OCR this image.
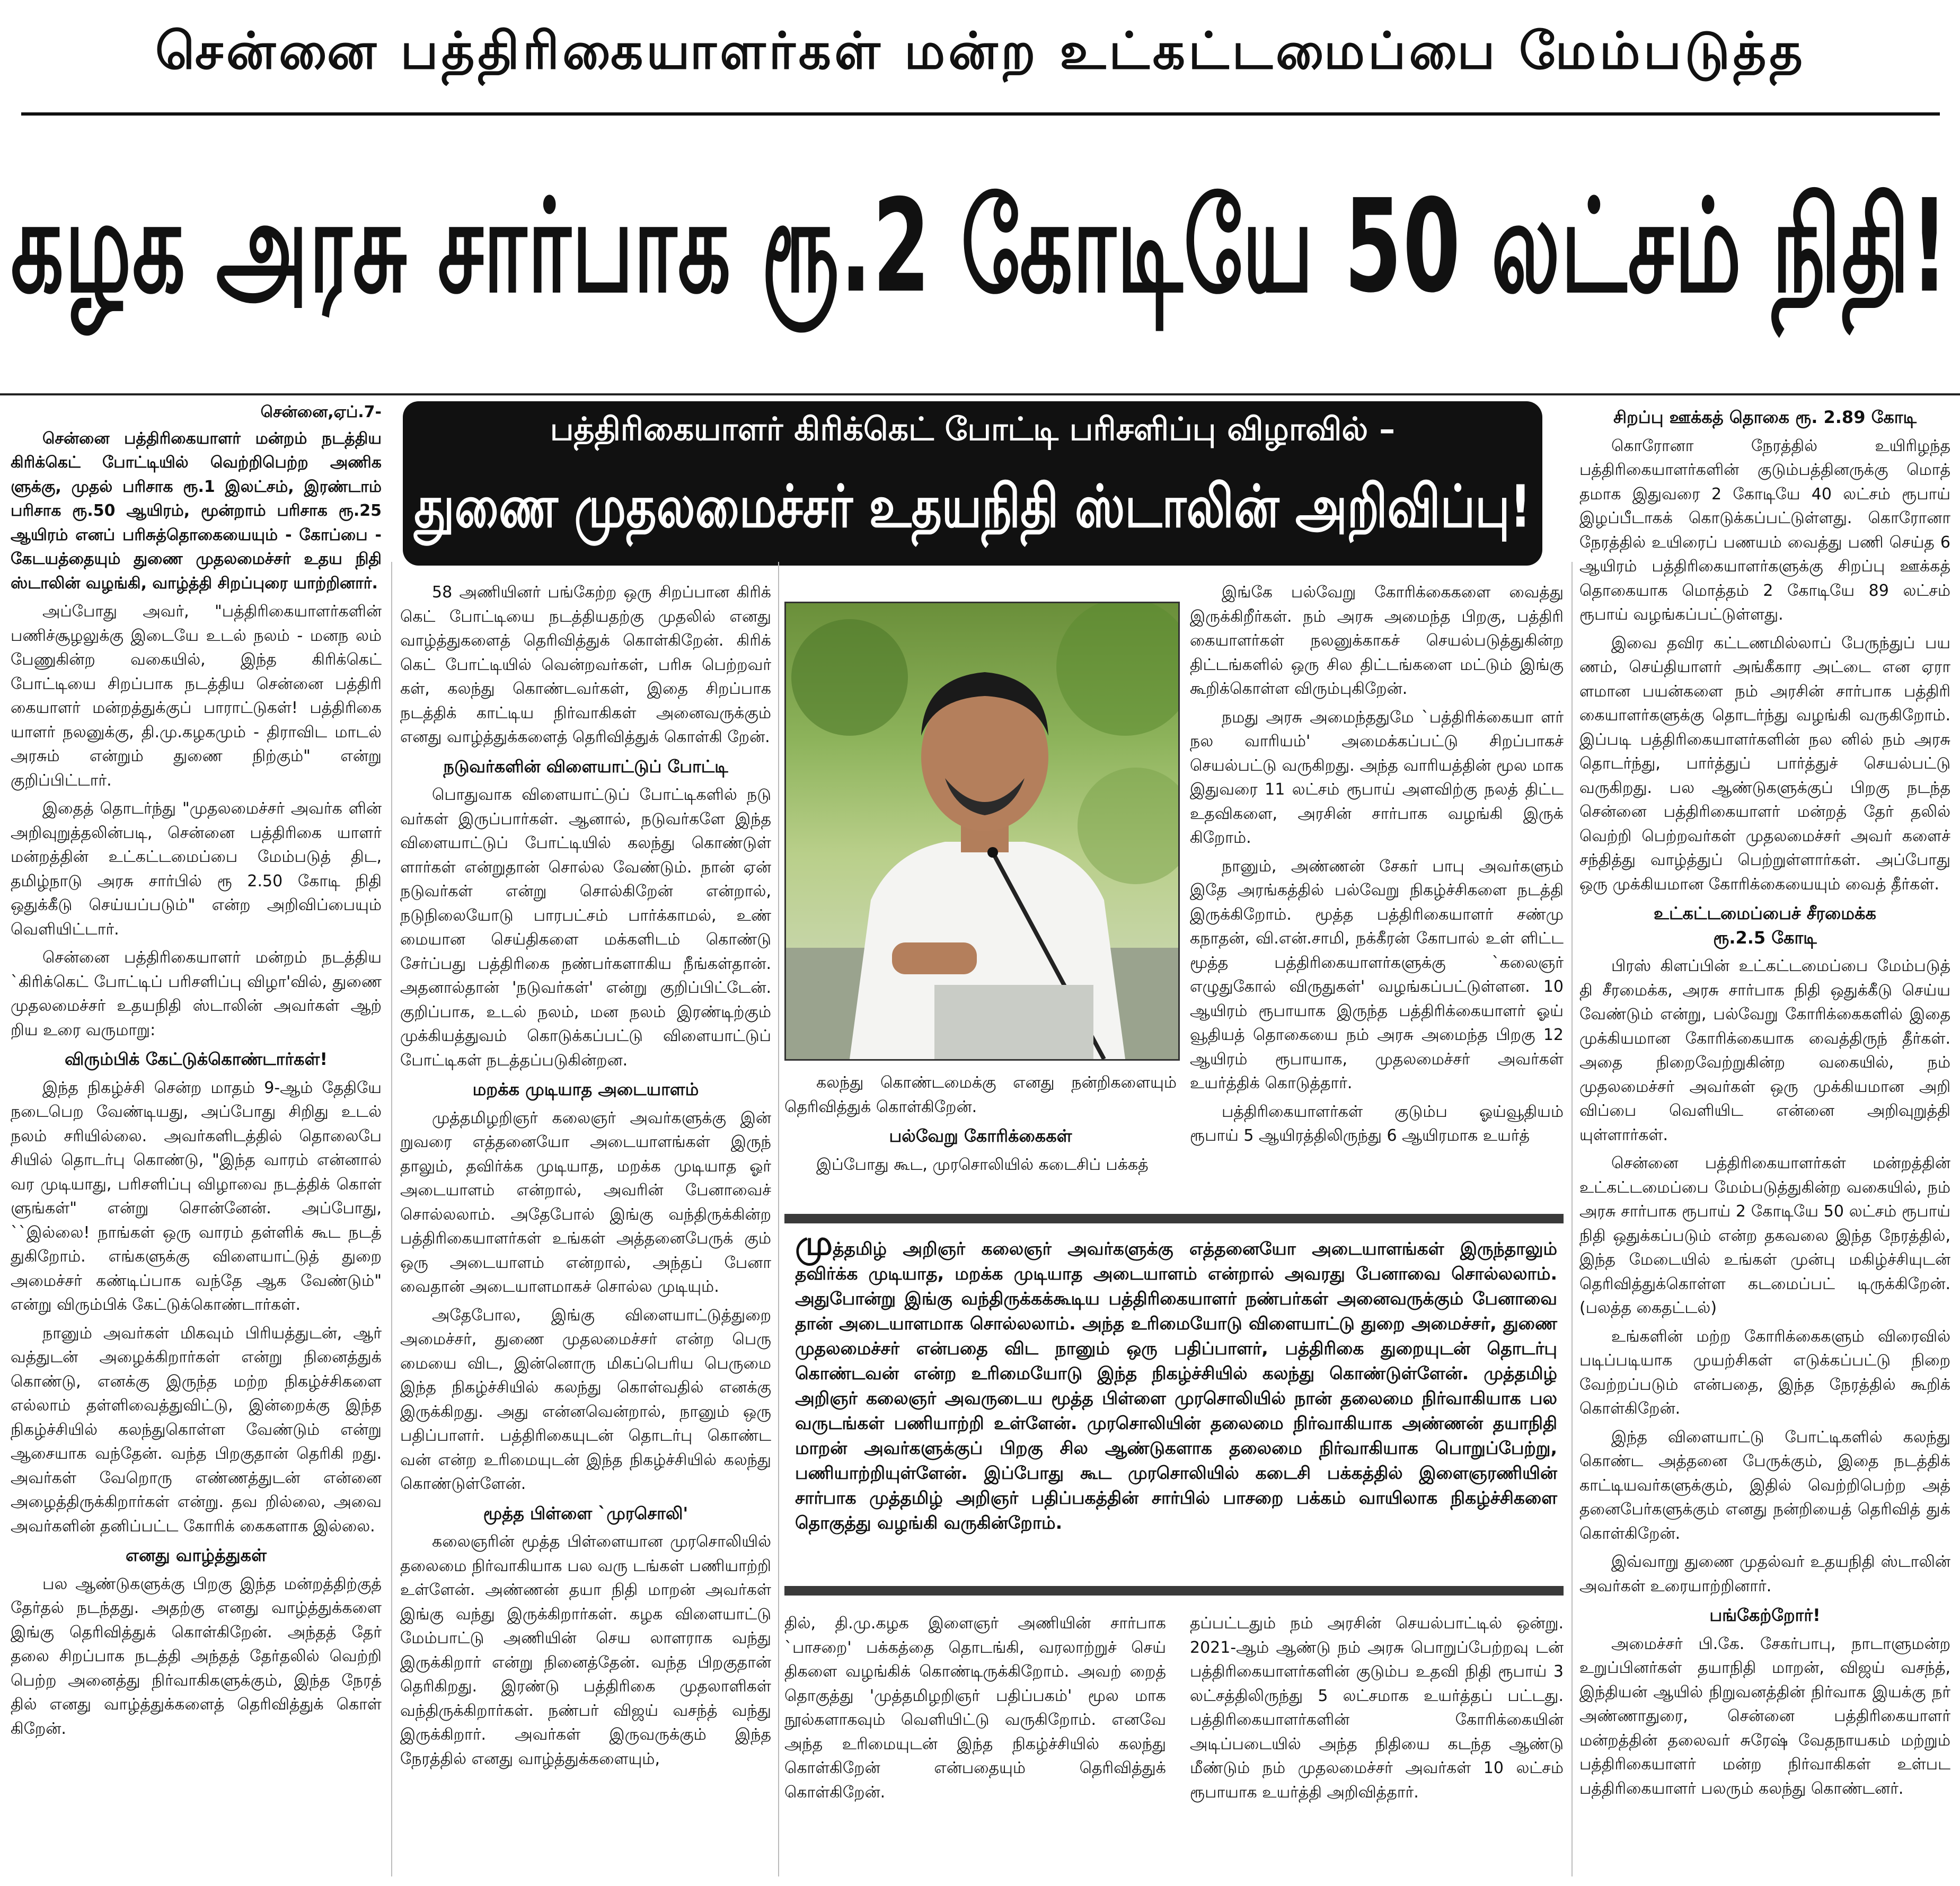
சென்னை பத்திரிகையாளர்கள் மன்ற உட்கட்டமைப்பை மேம்படுத்த
கழக அரசு சார்பாக ரூ.2 கோடியே 50 லட்சம் நிதி!
சென்னை,ஏப்.7-

சென்னை பத்திரிகையாளர் மன்றம் நடத்திய கிரிக்கெட் போட்டியில் வெற்றிபெற்ற அணிக ளுக்கு, முதல் பரிசாக ரூ.1 இலட்சம், இரண்டாம் பரிசாக ரூ.50 ஆயிரம், மூன்றாம் பரிசாக ரூ.25 ஆயிரம் எனப் பரிசுத்தொகையையும் - கோப்பை - கேடயத்தையும் துணை முதலமைச்சர் உதய நிதி ஸ்டாலின் வழங்கி, வாழ்த்தி சிறப்புரை யாற்றினார்.

அப்போது அவர், "பத்திரிகையாளர்களின் பணிச்சூழலுக்கு இடையே உடல் நலம் - மனந லம் பேணுகின்ற வகையில், இந்த கிரிக்கெட் போட்டியை சிறப்பாக நடத்திய சென்னை பத்திரி கையாளர் மன்றத்துக்குப் பாராட்டுகள்! பத்திரிகை யாளர் நலனுக்கு, தி.மு.கழகமும் - திராவிட மாடல் அரசும் என்றும் துணை நிற்கும்" என்று குறிப்பிட்டார்.

இதைத் தொடர்ந்து "முதலமைச்சர் அவர்க ளின் அறிவுறுத்தலின்படி, சென்னை பத்திரிகை யாளர் மன்றத்தின் உட்கட்டமைப்பை மேம்படுத் திட, தமிழ்நாடு அரசு சார்பில் ரூ 2.50 கோடி நிதி ஒதுக்கீடு செய்யப்படும்" என்ற அறிவிப்பையும் வெளியிட்டார்.

சென்னை பத்திரிகையாளர் மன்றம் நடத்திய `கிரிக்கெட் போட்டிப் பரிசளிப்பு விழா'வில், துணை முதலமைச்சர் உதயநிதி ஸ்டாலின் அவர்கள் ஆற் றிய உரை வருமாறு:

விரும்பிக் கேட்டுக்கொண்டார்கள்!

இந்த நிகழ்ச்சி சென்ற மாதம் 9-ஆம் தேதியே நடைபெற வேண்டியது, அப்போது சிறிது உடல் நலம் சரியில்லை. அவர்களிடத்தில் தொலைபே சியில் தொடர்பு கொண்டு, "இந்த வாரம் என்னால் வர முடியாது, பரிசளிப்பு விழாவை நடத்திக் கொள் ளுங்கள்" என்று சொன்னேன். அப்போது, ``இல்லை! நாங்கள் ஒரு வாரம் தள்ளிக் கூட நடத் துகிறோம். எங்களுக்கு விளையாட்டுத் துறை அமைச்சர் கண்டிப்பாக வந்தே ஆக வேண்டும்" என்று விரும்பிக் கேட்டுக்கொண்டார்கள்.

நானும் அவர்கள் மிகவும் பிரியத்துடன், ஆர் வத்துடன் அழைக்கிறார்கள் என்று நினைத்துக் கொண்டு, எனக்கு இருந்த மற்ற நிகழ்ச்சிகளை எல்லாம் தள்ளிவைத்துவிட்டு, இன்றைக்கு இந்த நிகழ்ச்சியில் கலந்துகொள்ள வேண்டும் என்று ஆசையாக வந்தேன். வந்த பிறகுதான் தெரிகி றது. அவர்கள் வேறொரு எண்ணத்துடன் என்னை அழைத்திருக்கிறார்கள் என்று. தவ றில்லை, அவை அவர்களின் தனிப்பட்ட கோரிக் கைகளாக இல்லை.

எனது வாழ்த்துகள்

பல ஆண்டுகளுக்கு பிறகு இந்த மன்றத்திற்குத் தேர்தல் நடந்தது. அதற்கு எனது வாழ்த்துக்களை இங்கு தெரிவித்துக் கொள்கிறேன். அந்தத் தேர் தலை சிறப்பாக நடத்தி அந்தத் தேர்தலில் வெற்றி பெற்ற அனைத்து நிர்வாகிகளுக்கும், இந்த நேரத் தில் எனது வாழ்த்துக்களைத் தெரிவித்துக் கொள் கிறேன்.

பத்திரிகையாளர் கிரிக்கெட் போட்டி பரிசளிப்பு விழாவில் –
துணை முதலமைச்சர் உதயநிதி ஸ்டாலின் அறிவிப்பு!

58 அணியினர் பங்கேற்ற ஒரு சிறப்பான கிரிக் கெட் போட்டியை நடத்தியதற்கு முதலில் எனது வாழ்த்துகளைத் தெரிவித்துக் கொள்கிறேன். கிரிக் கெட் போட்டியில் வென்றவர்கள், பரிசு பெற்றவர் கள், கலந்து கொண்டவர்கள், இதை சிறப்பாக நடத்திக் காட்டிய நிர்வாகிகள் அனைவருக்கும் எனது வாழ்த்துக்களைத் தெரிவித்துக் கொள்கி றேன்.

நடுவர்களின் விளையாட்டுப் போட்டி

பொதுவாக விளையாட்டுப் போட்டிகளில் நடு வர்கள் இருப்பார்கள். ஆனால், நடுவர்களே இந்த விளையாட்டுப் போட்டியில் கலந்து கொண்டுள் ளார்கள் என்றுதான் சொல்ல வேண்டும். நான் ஏன் நடுவர்கள் என்று சொல்கிறேன் என்றால், நடுநிலையோடு பாரபட்சம் பார்க்காமல், உண் மையான செய்திகளை மக்களிடம் கொண்டு சேர்ப்பது பத்திரிகை நண்பர்களாகிய நீங்கள்தான். அதனால்தான் 'நடுவர்கள்' என்று குறிப்பிட்டேன். குறிப்பாக, உடல் நலம், மன நலம் இரண்டிற்கும் முக்கியத்துவம் கொடுக்கப்பட்டு விளையாட்டுப் போட்டிகள் நடத்தப்படுகின்றன.

மறக்க முடியாத அடையாளம்

முத்தமிழறிஞர் கலைஞர் அவர்களுக்கு இன் றுவரை எத்தனையோ அடையாளங்கள் இருந் தாலும், தவிர்க்க முடியாத, மறக்க முடியாத ஓர் அடையாளம் என்றால், அவரின் பேனாவைச் சொல்லலாம். அதேபோல் இங்கு வந்திருக்கின்ற பத்திரிகையாளர்கள் உங்கள் அத்தனைபேருக் கும் ஒரு அடையாளம் என்றால், அந்தப் பேனா வைதான் அடையாளமாகச் சொல்ல முடியும்.

அதேபோல, இங்கு விளையாட்டுத்துறை அமைச்சர், துணை முதலமைச்சர் என்ற பெரு மையை விட, இன்னொரு மிகப்பெரிய பெருமை இந்த நிகழ்ச்சியில் கலந்து கொள்வதில் எனக்கு இருக்கிறது. அது என்னவென்றால், நானும் ஒரு பதிப்பாளர். பத்திரிகையுடன் தொடர்பு கொண்ட வன் என்ற உரிமையுடன் இந்த நிகழ்ச்சியில் கலந்து கொண்டுள்ளேன்.

மூத்த பிள்ளை `முரசொலி'

கலைஞரின் மூத்த பிள்ளையான முரசொலியில் தலைமை நிர்வாகியாக பல வரு டங்கள் பணியாற்றி உள்ளேன். அண்ணன் தயா நிதி மாறன் அவர்கள் இங்கு வந்து இருக்கிறார்கள். கழக விளையாட்டு மேம்பாட்டு அணியின் செய லாளராக வந்து இருக்கிறார் என்று நினைத்தேன். வந்த பிறகுதான் தெரிகிறது. இரண்டு பத்திரிகை முதலாளிகள் வந்திருக்கிறார்கள். நண்பர் விஜய் வசந்த் வந்து இருக்கிறார். அவர்கள் இருவருக்கும் இந்த நேரத்தில் எனது வாழ்த்துக்களையும்,

கலந்து கொண்டமைக்கு எனது நன்றிகளையும் தெரிவித்துக் கொள்கிறேன்.

பல்வேறு கோரிக்கைகள்

இப்போது கூட, முரசொலியில் கடைசிப் பக்கத்

இங்கே பல்வேறு கோரிக்கைகளை வைத்து இருக்கிறீர்கள். நம் அரசு அமைந்த பிறகு, பத்திரி கையாளர்கள் நலனுக்காகச் செயல்படுத்துகின்ற திட்டங்களில் ஒரு சில திட்டங்களை மட்டும் இங்கு கூறிக்கொள்ள விரும்புகிறேன்.

நமது அரசு அமைந்ததுமே `பத்திரிக்கையா ளர் நல வாரியம்' அமைக்கப்பட்டு சிறப்பாகச் செயல்பட்டு வருகிறது. அந்த வாரியத்தின் மூல மாக இதுவரை 11 லட்சம் ரூபாய் அளவிற்கு நலத் திட்ட உதவிகளை, அரசின் சார்பாக வழங்கி இருக் கிறோம்.

நானும், அண்ணன் சேகர் பாபு அவர்களும் இதே அரங்கத்தில் பல்வேறு நிகழ்ச்சிகளை நடத்தி இருக்கிறோம். மூத்த பத்திரிகையாளர் சண்மு கநாதன், வி.என்.சாமி, நக்கீரன் கோபால் உள் ளிட்ட மூத்த பத்திரிகையாளர்களுக்கு `கலைஞர் எழுதுகோல் விருதுகள்' வழங்கப்பட்டுள்ளன. 10 ஆயிரம் ரூபாயாக இருந்த பத்திரிக்கையாளர் ஓய் வூதியத் தொகையை நம் அரசு அமைந்த பிறகு 12 ஆயிரம் ரூபாயாக, முதலமைச்சர் அவர்கள் உயர்த்திக் கொடுத்தார்.

பத்திரிகையாளர்கள் குடும்ப ஓய்வூதியம் ரூபாய் 5 ஆயிரத்திலிருந்து 6 ஆயிரமாக உயர்த்

முத்தமிழ் அறிஞர் கலைஞர் அவர்களுக்கு எத்தனையோ அடையாளங்கள் இருந்தாலும் தவிர்க்க முடியாத, மறக்க முடியாத அடையாளம் என்றால் அவரது பேனாவை சொல்லலாம். அதுபோன்று இங்கு வந்திருக்கக்கூடிய பத்திரிகையாளர் நண்பர்கள் அனைவருக்கும் பேனாவை தான் அடையாளமாக சொல்லலாம். அந்த உரிமையோடு விளையாட்டு துறை அமைச்சர், துணை முதலமைச்சர் என்பதை விட நானும் ஒரு பதிப்பாளர், பத்திரிகை துறையுடன் தொடர்பு கொண்டவன் என்ற உரிமையோடு இந்த நிகழ்ச்சியில் கலந்து கொண்டுள்ளேன். முத்தமிழ் அறிஞர் கலைஞர் அவருடைய மூத்த பிள்ளை முரசொலியில் நான் தலைமை நிர்வாகியாக பல வருடங்கள் பணியாற்றி உள்ளேன். முரசொலியின் தலைமை நிர்வாகியாக அண்ணன் தயாநிதி மாறன் அவர்களுக்குப் பிறகு சில ஆண்டுகளாக தலைமை நிர்வாகியாக பொறுப்பேற்று, பணியாற்றியுள்ளேன். இப்போது கூட முரசொலியில் கடைசி பக்கத்தில் இளைஞரணியின் சார்பாக முத்தமிழ் அறிஞர் பதிப்பகத்தின் சார்பில் பாசறை பக்கம் வாயிலாக நிகழ்ச்சிகளை தொகுத்து வழங்கி வருகின்றோம்.

தில், தி.மு.கழக இளைஞர் அணியின் சார்பாக `பாசறை' பக்கத்தை தொடங்கி, வரலாற்றுச் செய் திகளை வழங்கிக் கொண்டிருக்கிறோம். அவற் றைத் தொகுத்து 'முத்தமிழறிஞர் பதிப்பகம்' மூல மாக நூல்களாகவும் வெளியிட்டு வருகிறோம். எனவே அந்த உரிமையுடன் இந்த நிகழ்ச்சியில் கலந்து கொள்கிறேன் என்பதையும் தெரிவித்துக் கொள்கிறேன்.

தப்பட்டதும் நம் அரசின் செயல்பாட்டில் ஒன்று. 2021-ஆம் ஆண்டு நம் அரசு பொறுப்பேற்றவு டன் பத்திரிகையாளர்களின் குடும்ப உதவி நிதி ரூபாய் 3 லட்சத்திலிருந்து 5 லட்சமாக உயர்த்தப் பட்டது. பத்திரிகையாளர்களின் கோரிக்கையின் அடிப்படையில் அந்த நிதியை கடந்த ஆண்டு மீண்டும் நம் முதலமைச்சர் அவர்கள் 10 லட்சம் ரூபாயாக உயர்த்தி அறிவித்தார்.

சிறப்பு ஊக்கத் தொகை ரூ. 2.89 கோடி

கொரோனா நேரத்தில் உயிரிழந்த பத்திரிகையாளர்களின் குடும்பத்தினருக்கு மொத் தமாக இதுவரை 2 கோடியே 40 லட்சம் ரூபாய் இழப்பீடாகக் கொடுக்கப்பட்டுள்ளது. கொரோனா நேரத்தில் உயிரைப் பணயம் வைத்து பணி செய்த 6 ஆயிரம் பத்திரிகையாளர்களுக்கு சிறப்பு ஊக்கத் தொகையாக மொத்தம் 2 கோடியே 89 லட்சம் ரூபாய் வழங்கப்பட்டுள்ளது.

இவை தவிர கட்டணமில்லாப் பேருந்துப் பய ணம், செய்தியாளர் அங்கீகார அட்டை என ஏரா ளமான பயன்களை நம் அரசின் சார்பாக பத்திரி கையாளர்களுக்கு தொடர்ந்து வழங்கி வருகிறோம். இப்படி பத்திரிகையாளர்களின் நல னில் நம் அரசு தொடர்ந்து, பார்த்துப் பார்த்துச் செயல்பட்டு வருகிறது. பல ஆண்டுகளுக்குப் பிறகு நடந்த சென்னை பத்திரிகையாளர் மன்றத் தேர் தலில் வெற்றி பெற்றவர்கள் முதலமைச்சர் அவர் களைச் சந்தித்து வாழ்த்துப் பெற்றுள்ளார்கள். அப்போது ஒரு முக்கியமான கோரிக்கையையும் வைத் தீர்கள்.

உட்கட்டமைப்பைச் சீரமைக்க
ரூ.2.5 கோடி

பிரஸ் கிளப்பின் உட்கட்டமைப்பை மேம்படுத் தி சீரமைக்க, அரசு சார்பாக நிதி ஒதுக்கீடு செய்ய வேண்டும் என்று, பல்வேறு கோரிக்கைகளில் இதை முக்கியமான கோரிக்கையாக வைத்திருந் தீர்கள். அதை நிறைவேற்றுகின்ற வகையில், நம் முதலமைச்சர் அவர்கள் ஒரு முக்கியமான அறி விப்பை வெளியிட என்னை அறிவுறுத்தி யுள்ளார்கள்.

சென்னை பத்திரிகையாளர்கள் மன்றத்தின் உட்கட்டமைப்பை மேம்படுத்துகின்ற வகையில், நம் அரசு சார்பாக ரூபாய் 2 கோடியே 50 லட்சம் ரூபாய் நிதி ஒதுக்கப்படும் என்ற தகவலை இந்த நேரத்தில், இந்த மேடையில் உங்கள் முன்பு மகிழ்ச்சியுடன் தெரிவித்துக்கொள்ள கடமைப்பட் டிருக்கிறேன். (பலத்த கைதட்டல்)

உங்களின் மற்ற கோரிக்கைகளும் விரைவில் படிப்படியாக முயற்சிகள் எடுக்கப்பட்டு நிறை வேற்றப்படும் என்பதை, இந்த நேரத்தில் கூறிக் கொள்கிறேன்.

இந்த விளையாட்டு போட்டிகளில் கலந்து கொண்ட அத்தனை பேருக்கும், இதை நடத்திக் காட்டியவர்களுக்கும், இதில் வெற்றிபெற்ற அத் தனைபேர்களுக்கும் எனது நன்றியைத் தெரிவித் துக் கொள்கிறேன்.

இவ்வாறு துணை முதல்வர் உதயநிதி ஸ்டாலின் அவர்கள் உரையாற்றினார்.

பங்கேற்றோர்!

அமைச்சர் பி.கே. சேகர்பாபு, நாடாளுமன்ற உறுப்பினர்கள் தயாநிதி மாறன், விஜய் வசந்த், இந்தியன் ஆயில் நிறுவனத்தின் நிர்வாக இயக்கு நர் அண்ணாதுரை, சென்னை பத்திரிகையாளர் மன்றத்தின் தலைவர் சுரேஷ் வேதநாயகம் மற்றும் பத்திரிகையாளர் மன்ற நிர்வாகிகள் உள்பட பத்திரிகையாளர் பலரும் கலந்து கொண்டனர்.
